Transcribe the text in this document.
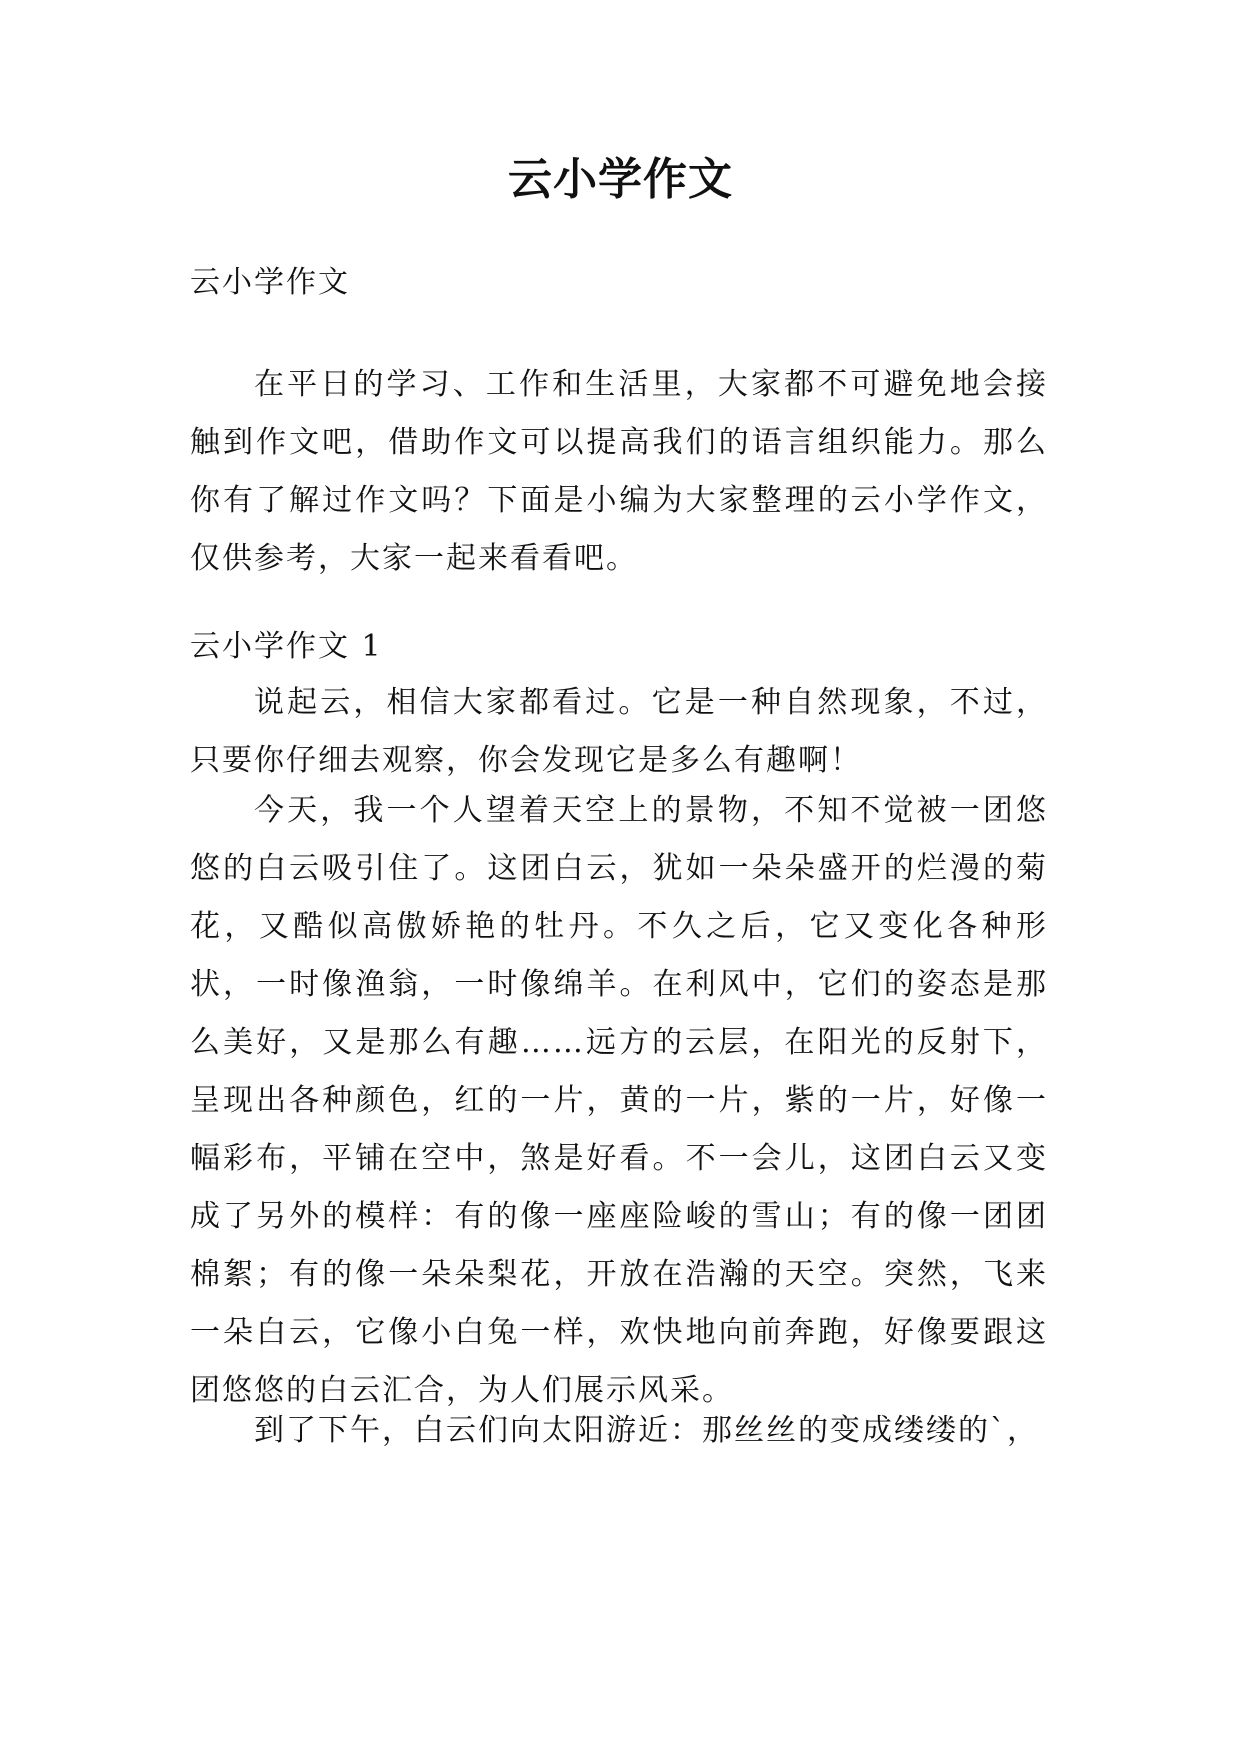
云小学作文

云小学作文

在平日的学习、工作和生活里，大家都不可避免地会接触到作文吧，借助作文可以提高我们的语言组织能力。那么你有了解过作文吗？下面是小编为大家整理的云小学作文，仅供参考，大家一起来看看吧。

云小学作文 1

说起云，相信大家都看过。它是一种自然现象，不过，只要你仔细去观察，你会发现它是多么有趣啊！

今天，我一个人望着天空上的景物，不知不觉被一团悠悠的白云吸引住了。这团白云，犹如一朵朵盛开的烂漫的菊花，又酷似高傲娇艳的牡丹。不久之后，它又变化各种形状，一时像渔翁，一时像绵羊。在利风中，它们的姿态是那么美好，又是那么有趣……远方的云层，在阳光的反射下，呈现出各种颜色，红的一片，黄的一片，紫的一片，好像一幅彩布，平铺在空中，煞是好看。不一会儿，这团白云又变成了另外的模样：有的像一座座险峻的雪山；有的像一团团棉絮；有的像一朵朵梨花，开放在浩瀚的天空。突然，飞来一朵白云，它像小白兔一样，欢快地向前奔跑，好像要跟这团悠悠的白云汇合，为人们展示风采。

到了下午，白云们向太阳游近：那丝丝的变成缕缕的`，
